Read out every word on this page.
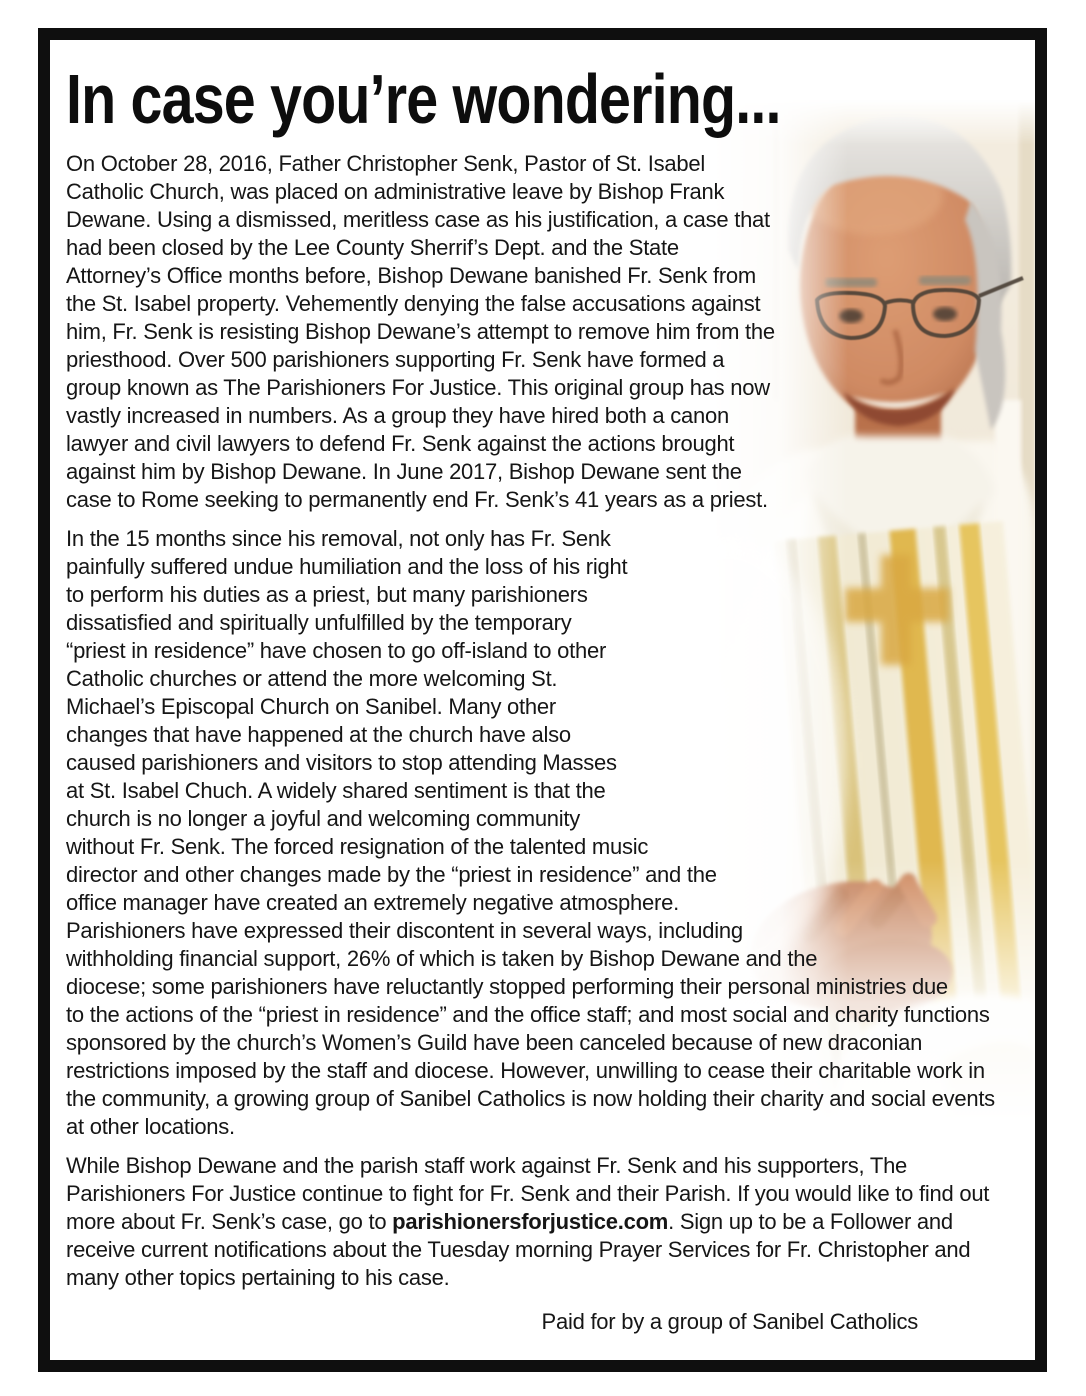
In case you’re wondering...

On October 28, 2016, Father Christopher Senk, Pastor of St. Isabel Catholic Church, was placed on administrative leave by Bishop Frank Dewane. Using a dismissed, meritless case as his justification, a case that had been closed by the Lee County Sherrif’s Dept. and the State Attorney’s Office months before, Bishop Dewane banished Fr. Senk from the St. Isabel property. Vehemently denying the false accusations against him, Fr. Senk is resisting Bishop Dewane’s attempt to remove him from the priesthood. Over 500 parishioners supporting Fr. Senk have formed a group known as The Parishioners For Justice. This original group has now vastly increased in numbers. As a group they have hired both a canon lawyer and civil lawyers to defend Fr. Senk against the actions brought against him by Bishop Dewane. In June 2017, Bishop Dewane sent the case to Rome seeking to permanently end Fr. Senk’s 41 years as a priest.

In the 15 months since his removal, not only has Fr. Senk painfully suffered undue humiliation and the loss of his right to perform his duties as a priest, but many parishioners dissatisfied and spiritually unfulfilled by the temporary “priest in residence” have chosen to go off-island to other Catholic churches or attend the more welcoming St. Michael’s Episcopal Church on Sanibel. Many other changes that have happened at the church have also caused parishioners and visitors to stop attending Masses at St. Isabel Chuch. A widely shared sentiment is that the church is no longer a joyful and welcoming community without Fr. Senk. The forced resignation of the talented music director and other changes made by the “priest in residence” and the office manager have created an extremely negative atmosphere. Parishioners have expressed their discontent in several ways, including withholding financial support, 26% of which is taken by Bishop Dewane and the diocese; some parishioners have reluctantly stopped performing their personal ministries due to the actions of the “priest in residence” and the office staff; and most social and charity functions sponsored by the church’s Women’s Guild have been canceled because of new draconian restrictions imposed by the staff and diocese. However, unwilling to cease their charitable work in the community, a growing group of Sanibel Catholics is now holding their charity and social events at other locations.

While Bishop Dewane and the parish staff work against Fr. Senk and his supporters, The Parishioners For Justice continue to fight for Fr. Senk and their Parish. If you would like to find out more about Fr. Senk’s case, go to parishionersforjustice.com. Sign up to be a Follower and receive current notifications about the Tuesday morning Prayer Services for Fr. Christopher and many other topics pertaining to his case.

Paid for by a group of Sanibel Catholics
